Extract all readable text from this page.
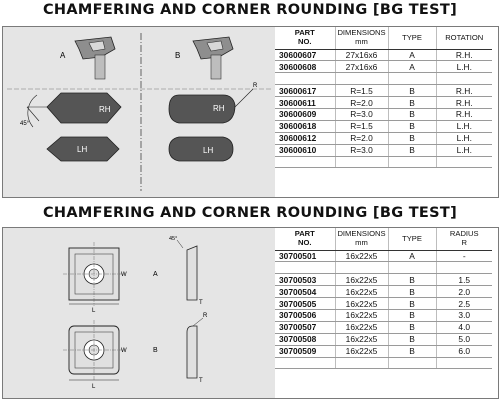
CHAMFERING AND CORNER ROUNDING [BG TEST]
A	B
RH
45°
LH
RH
R
LH
PART
NO.	DIMENSIONS
mm	TYPE	ROTATION
30600607	27x16x6	A	R.H.
30600608	27x16x6	A	L.H.

30600617	R=1.5	B	R.H.
30600611	R=2.0	B	R.H.
30600609	R=3.0	B	R.H.
30600618	R=1.5	B	L.H.
30600612	R=2.0	B	L.H.
30600610	R=3.0	B	L.H.

CHAMFERING AND CORNER ROUNDING [BG TEST]
W
L
A
45°
T
W
L
B
R
T
PART
NO.	DIMENSIONS
mm	TYPE	RADIUS
R
30700501	16x22x5	A	-

30700503	16x22x5	B	1.5
30700504	16x22x5	B	2.0
30700505	16x22x5	B	2.5
30700506	16x22x5	B	3.0
30700507	16x22x5	B	4.0
30700508	16x22x5	B	5.0
30700509	16x22x5	B	6.0
